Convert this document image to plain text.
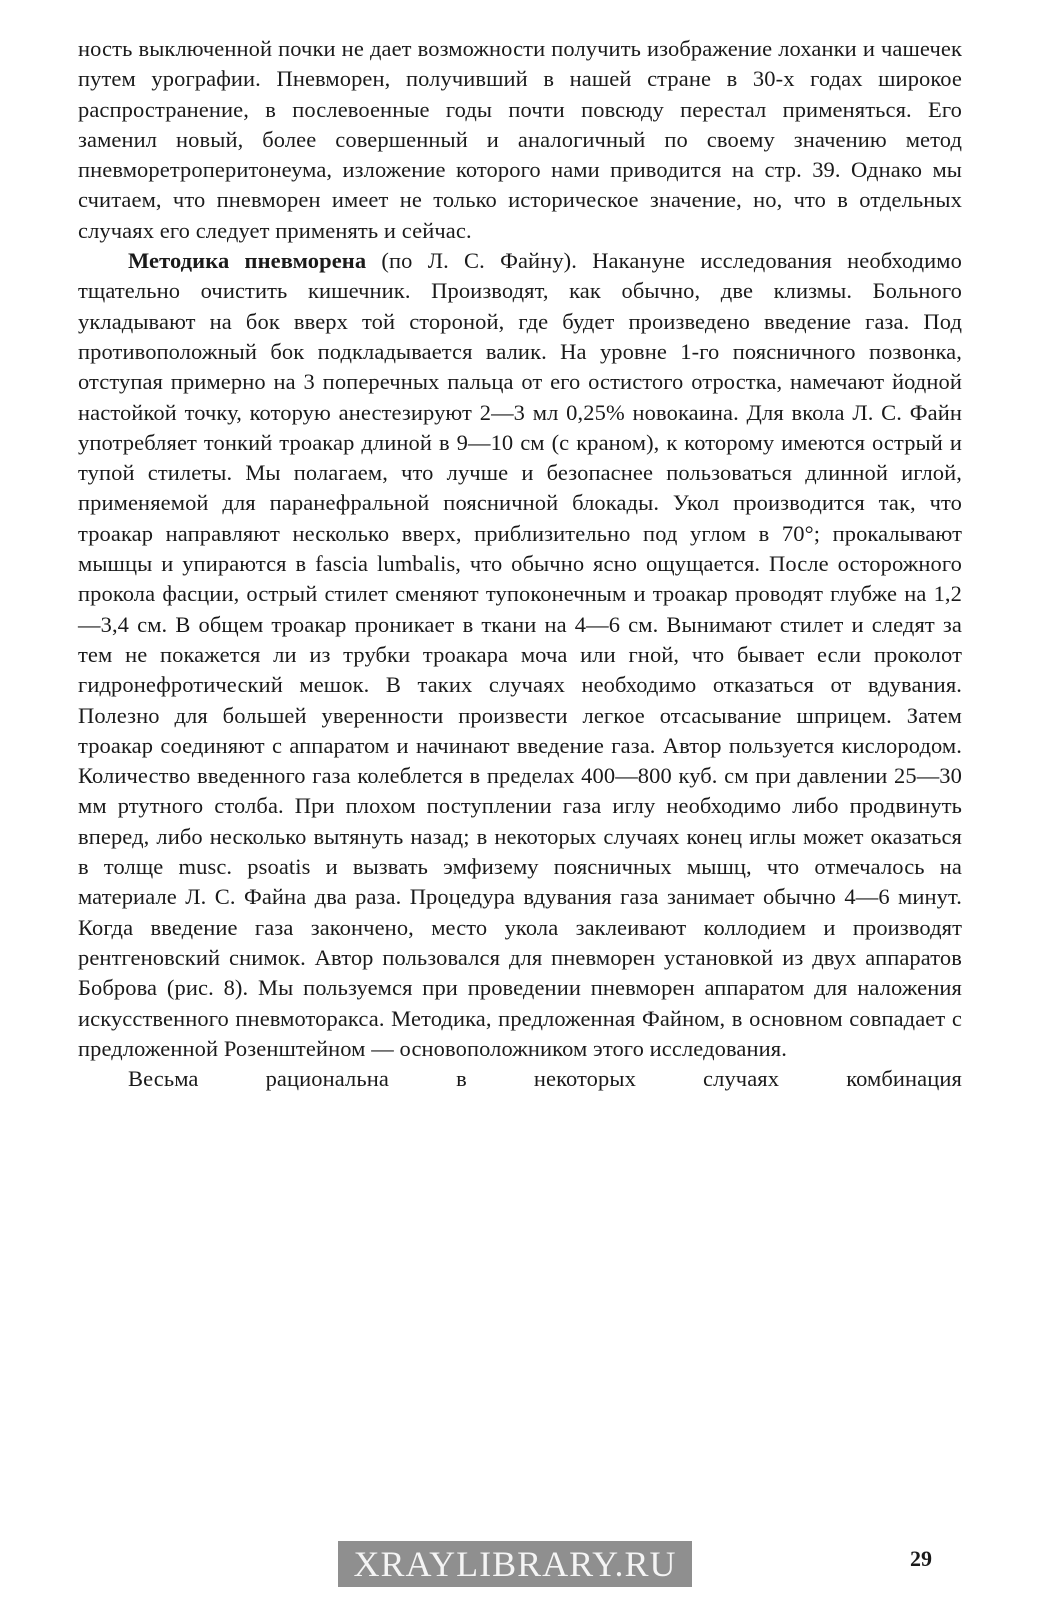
ность выключенной почки не дает возможности получить изображение лоханки и чашечек путем урографии. Пневморен, получивший в нашей стране в 30-х годах широкое распространение, в послевоенные годы почти повсюду перестал применяться. Его заменил новый, более совершенный и аналогичный по своему значению метод пневморетроперитонеума, изложение которого нами приводится на стр. 39. Однако мы считаем, что пневморен имеет не только историческое значение, но, что в отдельных случаях его следует применять и сейчас.

Методика пневморена (по Л. С. Файну). Накануне исследования необходимо тщательно очистить кишечник. Производят, как обычно, две клизмы. Больного укладывают на бок вверх той стороной, где будет произведено введение газа. Под противоположный бок подкладывается валик. На уровне 1-го поясничного позвонка, отступая примерно на 3 поперечных пальца от его остистого отростка, намечают йодной настойкой точку, которую анестезируют 2—3 мл 0,25% новокаина. Для вкола Л. С. Файн употребляет тонкий троакар длиной в 9—10 см (с краном), к которому имеются острый и тупой стилеты. Мы полагаем, что лучше и безопаснее пользоваться длинной иглой, применяемой для паранефральной поясничной блокады. Укол производится так, что троакар направляют несколько вверх, приблизительно под углом в 70°; прокалывают мышцы и упираются в fascia lumbalis, что обычно ясно ощущается. После осторожного прокола фасции, острый стилет сменяют тупоконечным и троакар проводят глубже на 1,2—3,4 см. В общем троакар проникает в ткани на 4—6 см. Вынимают стилет и следят за тем не покажется ли из трубки троакара моча или гной, что бывает если проколот гидронефротический мешок. В таких случаях необходимо отказаться от вдувания. Полезно для большей уверенности произвести легкое отсасывание шприцем. Затем троакар соединяют с аппаратом и начинают введение газа. Автор пользуется кислородом. Количество введенного газа колеблется в пределах 400—800 куб. см при давлении 25—30 мм ртутного столба. При плохом поступлении газа иглу необходимо либо продвинуть вперед, либо несколько вытянуть назад; в некоторых случаях конец иглы может оказаться в толще musc. psoatis и вызвать эмфизему поясничных мышц, что отмечалось на материале Л. С. Файна два раза. Процедура вдувания газа занимает обычно 4—6 минут. Когда введение газа закончено, место укола заклеивают коллодием и производят рентгеновский снимок. Автор пользовался для пневморен установкой из двух аппаратов Боброва (рис. 8). Мы пользуемся при проведении пневморен аппаратом для наложения искусственного пневмоторакса. Методика, предложенная Файном, в основном совпадает с предложенной Розенштейном — основоположником этого исследования.

Весьма рациональна в некоторых случаях комбинация

XRAYLIBRARY.RU	29
